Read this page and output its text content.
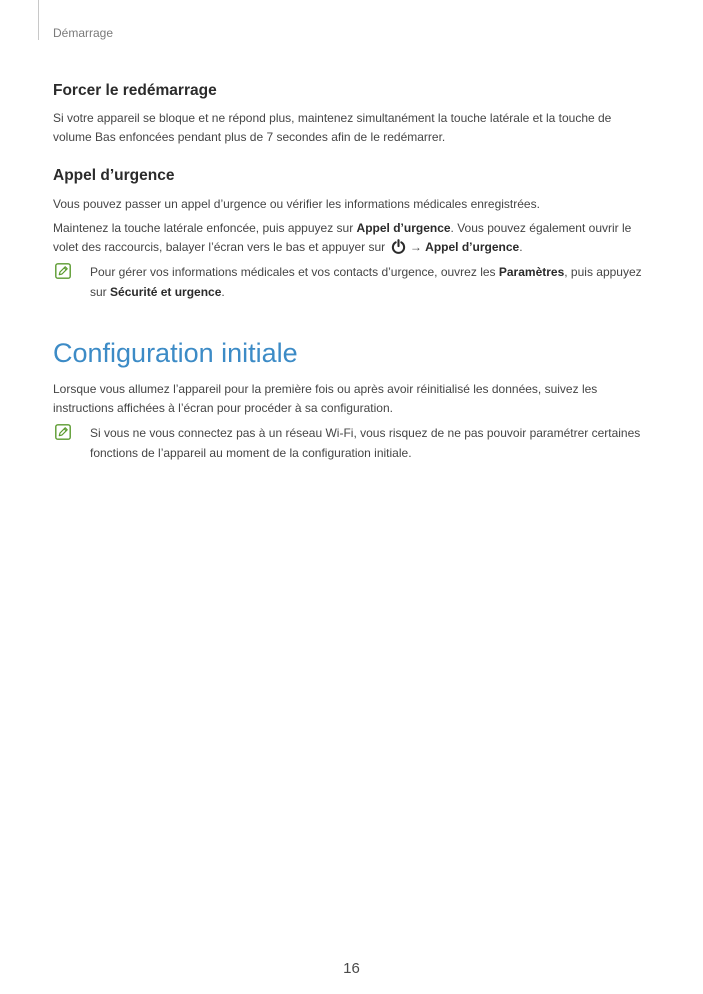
Démarrage
Forcer le redémarrage

Si votre appareil se bloque et ne répond plus, maintenez simultanément la touche latérale et la touche de volume Bas enfoncées pendant plus de 7 secondes afin de le redémarrer.

Appel d’urgence

Vous pouvez passer un appel d’urgence ou vérifier les informations médicales enregistrées.

Maintenez la touche latérale enfoncée, puis appuyez sur Appel d’urgence. Vous pouvez également ouvrir le volet des raccourcis, balayer l’écran vers le bas et appuyer sur  → Appel d’urgence.

Pour gérer vos informations médicales et vos contacts d’urgence, ouvrez les Paramètres, puis appuyez sur Sécurité et urgence.

Configuration initiale

Lorsque vous allumez l’appareil pour la première fois ou après avoir réinitialisé les données, suivez les instructions affichées à l’écran pour procéder à sa configuration.

Si vous ne vous connectez pas à un réseau Wi-Fi, vous risquez de ne pas pouvoir paramétrer certaines fonctions de l’appareil au moment de la configuration initiale.

16
